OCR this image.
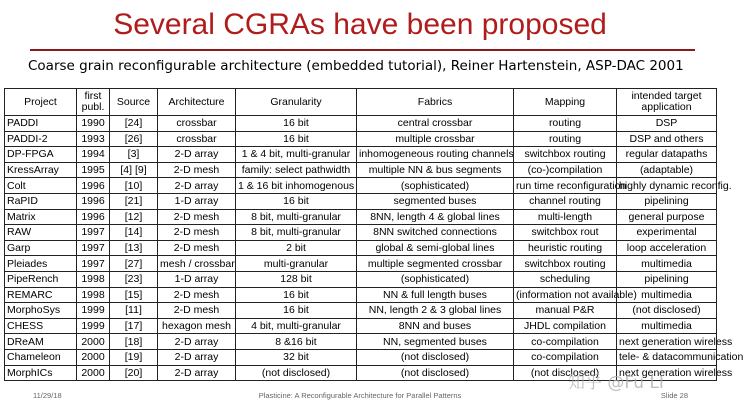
Several CGRAs have been proposed
Coarse grain reconfigurable architecture (embedded tutorial), Reiner Hartenstein, ASP-DAC 2001
Project	first publ.	Source	Architecture	Granularity	Fabrics	Mapping	intended target application
PADDI	1990	[24]	crossbar	16 bit	central crossbar	routing	DSP
PADDI-2	1993	[26]	crossbar	16 bit	multiple crossbar	routing	DSP and others
DP-FPGA	1994	[3]	2-D array	1 & 4 bit, multi-granular	inhomogeneous routing channels	switchbox routing	regular datapaths
KressArray	1995	[4] [9]	2-D mesh	family: select pathwidth	multiple NN & bus segments	(co-)compilation	(adaptable)
Colt	1996	[10]	2-D array	1 & 16 bit inhomogenous	(sophisticated)	run time reconfiguration	highly dynamic reconfig.
RaPID	1996	[21]	1-D array	16 bit	segmented buses	channel routing	pipelining
Matrix	1996	[12]	2-D mesh	8 bit, multi-granular	8NN, length 4 & global lines	multi-length	general purpose
RAW	1997	[14]	2-D mesh	8 bit, multi-granular	8NN switched connections	switchbox rout	experimental
Garp	1997	[13]	2-D mesh	2 bit	global & semi-global lines	heuristic routing	loop acceleration
Pleiades	1997	[27]	mesh / crossbar	multi-granular	multiple segmented crossbar	switchbox routing	multimedia
PipeRench	1998	[23]	1-D array	128 bit	(sophisticated)	scheduling	pipelining
REMARC	1998	[15]	2-D mesh	16 bit	NN & full length buses	(information not available)	multimedia
MorphoSys	1999	[11]	2-D mesh	16 bit	NN, length 2 & 3 global lines	manual P&R	(not disclosed)
CHESS	1999	[17]	hexagon mesh	4 bit, multi-granular	8NN and buses	JHDL compilation	multimedia
DReAM	2000	[18]	2-D array	8 &16 bit	NN, segmented buses	co-compilation	next generation wireless
Chameleon	2000	[19]	2-D array	32 bit	(not disclosed)	co-compilation	tele- & datacommunication
MorphICs	2000	[20]	2-D array	(not disclosed)	(not disclosed)	(not disclosed)	next generation wireless
知乎 @Fu LI
11/29/18	Plasticine: A Reconfigurable Architecture for Parallel Patterns	Slide 28
